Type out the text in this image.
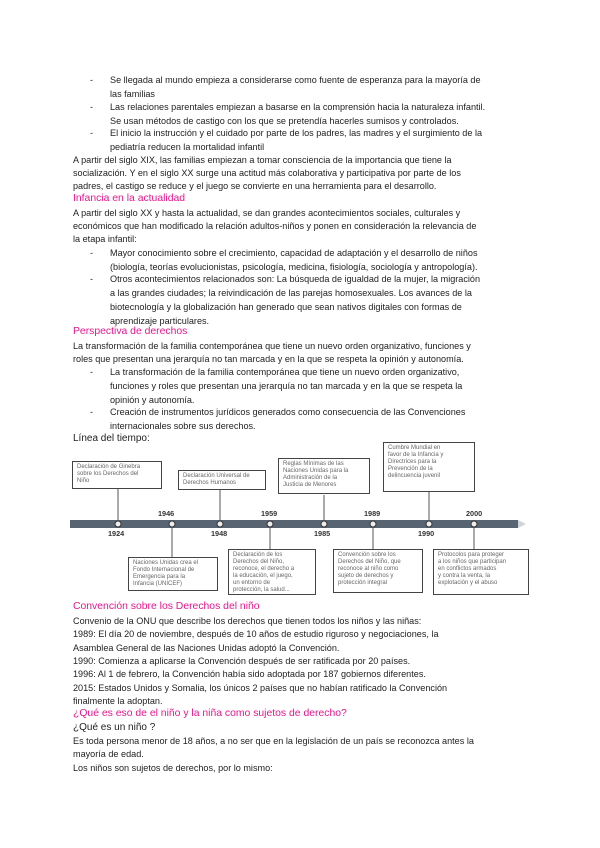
- Se llegada al mundo empieza a considerarse como fuente de esperanza para la mayoría de
las familias
- Las relaciones parentales empiezan a basarse en la comprensión hacia la naturaleza infantil.
Se usan métodos de castigo con los que se pretendía hacerles sumisos y controlados.
- El inicio la instrucción y el cuidado por parte de los padres, las madres y el surgimiento de la
pediatría reducen la mortalidad infantil
A partir del siglo XIX, las familias empiezan a tomar consciencia de la importancia que tiene la
socialización. Y en el siglo XX surge una actitud más colaborativa y participativa por parte de los
padres, el castigo se reduce y el juego se convierte en una herramienta para el desarrollo.
Infancia en la actualidad
A partir del siglo XX y hasta la actualidad, se dan grandes acontecimientos sociales, culturales y
económicos que han modificado la relación adultos-niños y ponen en consideración la relevancia de
la etapa infantil:
- Mayor conocimiento sobre el crecimiento, capacidad de adaptación y el desarrollo de niños
(biología, teorías evolucionistas, psicología, medicina, fisiología, sociología y antropología).
- Otros acontecimientos relacionados son: La búsqueda de igualdad de la mujer, la migración
a las grandes ciudades; la reivindicación de las parejas homosexuales. Los avances de la
biotecnología y la globalización han generado que sean nativos digitales con formas de
aprendizaje particulares.
Perspectiva de derechos
La transformación de la familia contemporánea que tiene un nuevo orden organizativo, funciones y
roles que presentan una jerarquía no tan marcada y en la que se respeta la opinión y autonomía.
- La transformación de la familia contemporánea que tiene un nuevo orden organizativo,
funciones y roles que presentan una jerarquía no tan marcada y en la que se respeta la
opinión y autonomía.
- Creación de instrumentos jurídicos generados como consecuencia de las Convenciones
internacionales sobre sus derechos.
Línea del tiempo:
Declaración de Ginebra
sobre los Derechos del
Niño
Declaración Universal de
Derechos Humanos
Reglas Mínimas de las
Naciones Unidas para la
Administración de la
Justicia de Menores
Cumbre Mundial en
favor de la Infancia y
Directrices para la
Prevención de la
delincuencia juvenil
1946	1959	1989	2000
1924	1948	1985	1990
Naciones Unidas crea el
Fondo Internacional de
Emergencia para la
Infancia (UNICEF)
Declaración de los
Derechos del Niño,
reconoce, el derecho a
la educación, el juego,
un entorno de
protección, la salud...
Convención sobre los
Derechos del Niño, que
reconoce al niño como
sujeto de derechos y
protección integral
Protocolos para proteger
a los niños que participan
en conflictos armados
y contra la venta, la
explotación y el abuso
Convención sobre los Derechos del niño
Convenio de la ONU que describe los derechos que tienen todos los niños y las niñas:
1989: El día 20 de noviembre, después de 10 años de estudio riguroso y negociaciones, la
Asamblea General de las Naciones Unidas adoptó la Convención.
1990: Comienza a aplicarse la Convención después de ser ratificada por 20 países.
1996: Al 1 de febrero, la Convención había sido adoptada por 187 gobiernos diferentes.
2015: Estados Unidos y Somalia, los únicos 2 países que no habían ratificado la Convención
finalmente la adoptan.
¿Qué es eso de el niño y la niña como sujetos de derecho?
¿Qué es un niño ?
Es toda persona menor de 18 años, a no ser que en la legislación de un país se reconozca antes la
mayoría de edad.
Los niños son sujetos de derechos, por lo mismo:
